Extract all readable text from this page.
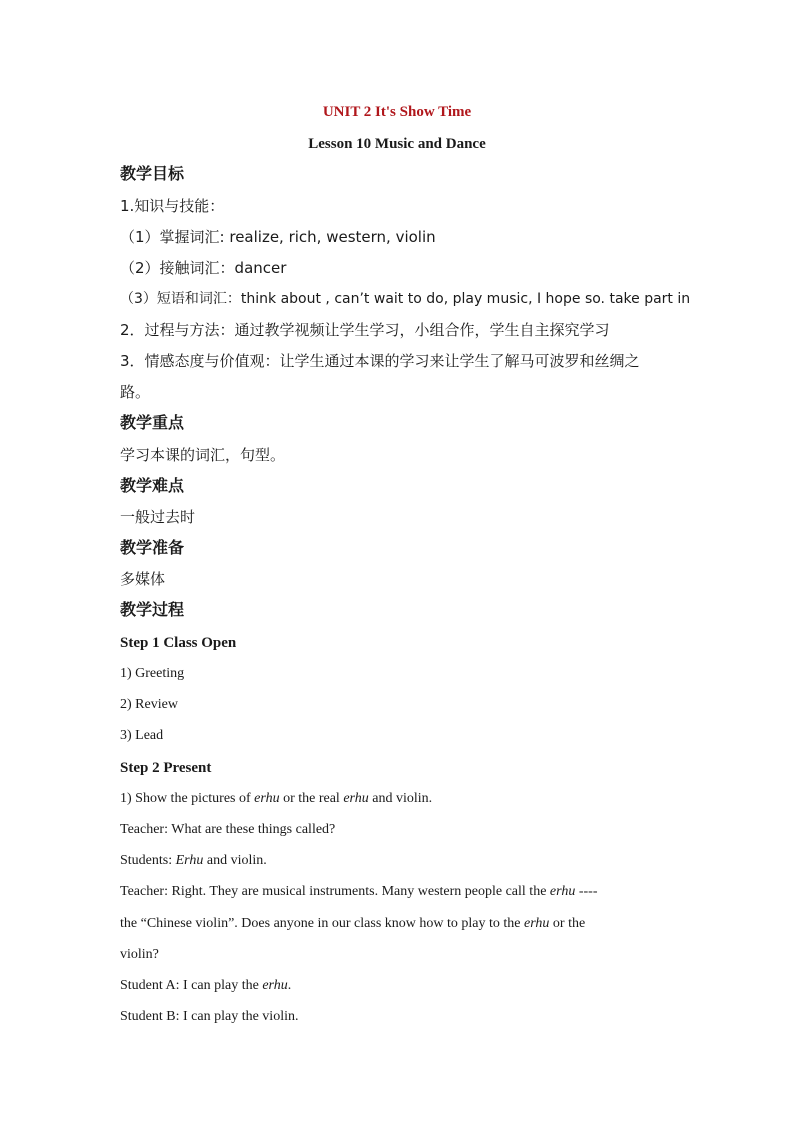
UNIT 2 It's Show Time
Lesson 10 Music and Dance
教学目标
1.知识与技能：
（1）掌握词汇: realize, rich, western, violin
（2）接触词汇：dancer
（3）短语和词汇：think about , can’t wait to do, play music, I hope so. take part in
2．过程与方法：通过教学视频让学生学习，小组合作，学生自主探究学习
3．情感态度与价值观：让学生通过本课的学习来让学生了解马可波罗和丝绸之
路。
教学重点
学习本课的词汇，句型。
教学难点
一般过去时
教学准备
多媒体
教学过程
Step 1 Class Open
1) Greeting
2) Review
3) Lead
Step 2 Present
1) Show the pictures of erhu or the real erhu and violin.
Teacher: What are these things called?
Students: Erhu and violin.
Teacher: Right. They are musical instruments. Many western people call the erhu ----
the “Chinese violin”. Does anyone in our class know how to play to the erhu or the
violin?
Student A: I can play the erhu.
Student B: I can play the violin.
